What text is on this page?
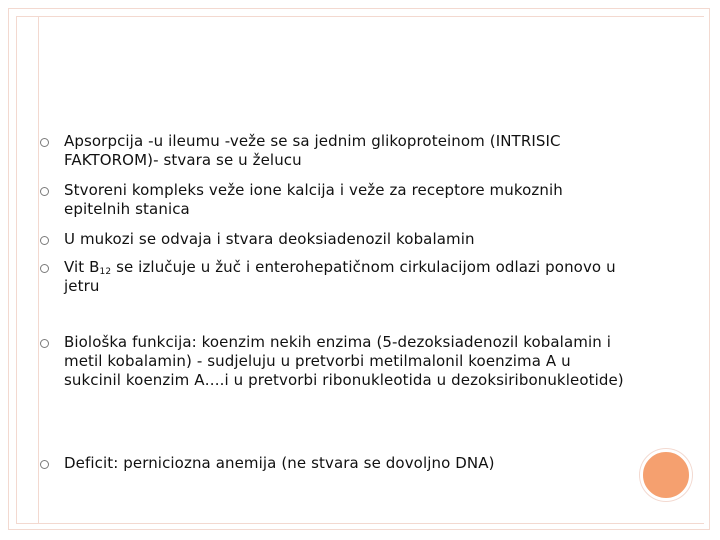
Apsorpcija -u ileumu -veže se sa jednim glikoproteinom (INTRISIC FAKTOROM)- stvara se u želucu
Stvoreni kompleks veže ione kalcija i veže za receptore mukoznih epitelnih stanica
U mukozi se odvaja i stvara deoksiadenozil kobalamin
Vit $B_{12}$ se izlučuje u žuč i enterohepatičnom cirkulacijom odlazi ponovo u jetru
Biološka funkcija: koenzim nekih enzima (5-dezoksiadenozil kobalamin i metil kobalamin) - sudjeluju u pretvorbi metilmalonil koenzima A u sukcinil koenzim A….i u pretvorbi ribonukleotida u dezoksiribonukleotide)
Deficit: perniciozna anemija (ne stvara se dovoljno DNA)
